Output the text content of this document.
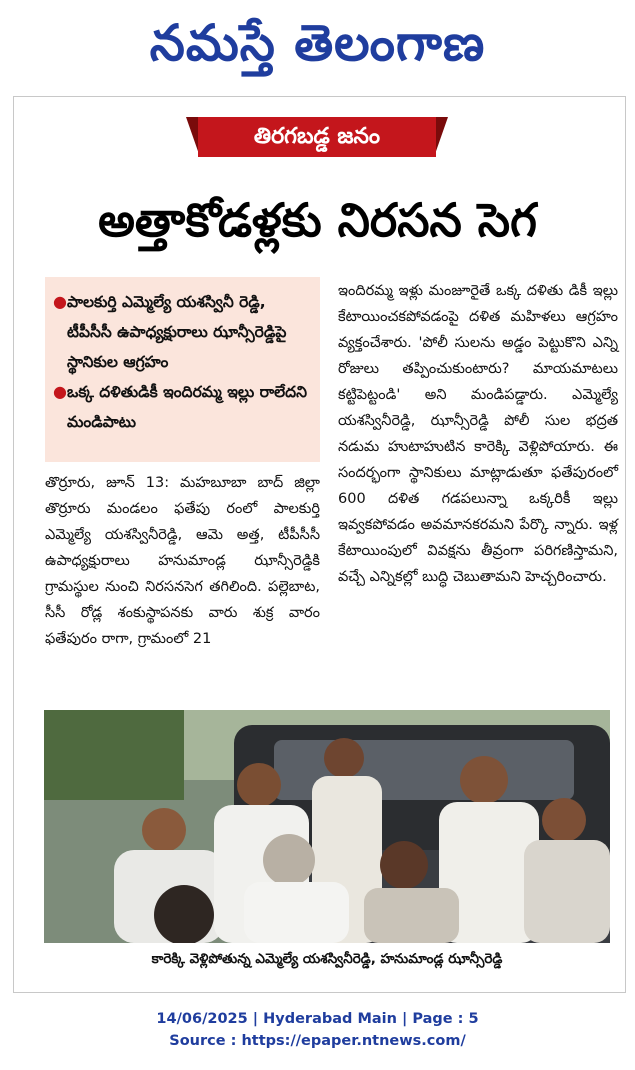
నమస్తే తెలంగాణ
తిరగబడ్డ జనం
అత్తాకోడళ్లకు నిరసన సెగ
● పాలకుర్తి ఎమ్మెల్యే యశస్వినీ రెడ్డి, టీపీసీసీ ఉపాధ్యక్షురాలు ఝాన్సీరెడ్డిపై స్థానికుల ఆగ్రహం
● ఒక్క దళితుడికీ ఇందిరమ్మ ఇల్లు రాలేదని మండిపాటు
తొర్రూరు, జూన్ 13: మహబూబా బాద్ జిల్లా తొర్రూరు మండలం ఫతేపు రంలో పాలకుర్తి ఎమ్మెల్యే యశస్వినీరెడ్డి, ఆమె అత్త, టీపీసీసీ ఉపాధ్యక్షురాలు హనుమాండ్ల ఝాన్సీరెడ్డికి గ్రామస్థుల నుంచి నిరసనసెగ తగిలింది. పల్లెబాట, సీసీ రోడ్ల శంకుస్థాపనకు వారు శుక్ర వారం ఫతేపురం రాగా, గ్రామంలో 21
ఇందిరమ్మ ఇళ్లు మంజూరైతే ఒక్క దళితు డికీ ఇల్లు కేటాయించకపోవడంపై దళిత మహిళలు ఆగ్రహం వ్యక్తంచేశారు. 'పోలీ సులను అడ్డం పెట్టుకొని ఎన్ని రోజులు తప్పించుకుంటారు? మాయమాటలు కట్టిపెట్టండి' అని మండిపడ్డారు. ఎమ్మెల్యే యశస్వినీరెడ్డి, ఝాన్సీరెడ్డి పోలీ సుల భద్రత నడుమ హుటాహుటిన కారెక్కి వెళ్లిపోయారు. ఈ సందర్భంగా స్థానికులు మాట్లాడుతూ ఫతేపురంలో 600 దళిత గడపలున్నా ఒక్కరికీ ఇల్లు ఇవ్వకపోవడం అవమానకరమని పేర్కొ న్నారు. ఇళ్ల కేటాయింపులో వివక్షను తీవ్రంగా పరిగణిస్తామని, వచ్చే ఎన్నికల్లో బుద్ధి చెబుతామని హెచ్చరించారు.
కారెక్కి వెళ్లిపోతున్న ఎమ్మెల్యే యశస్వినీరెడ్డి, హనుమాండ్ల ఝాన్సీరెడ్డి
14/06/2025 | Hyderabad Main | Page : 5
Source : https://epaper.ntnews.com/
